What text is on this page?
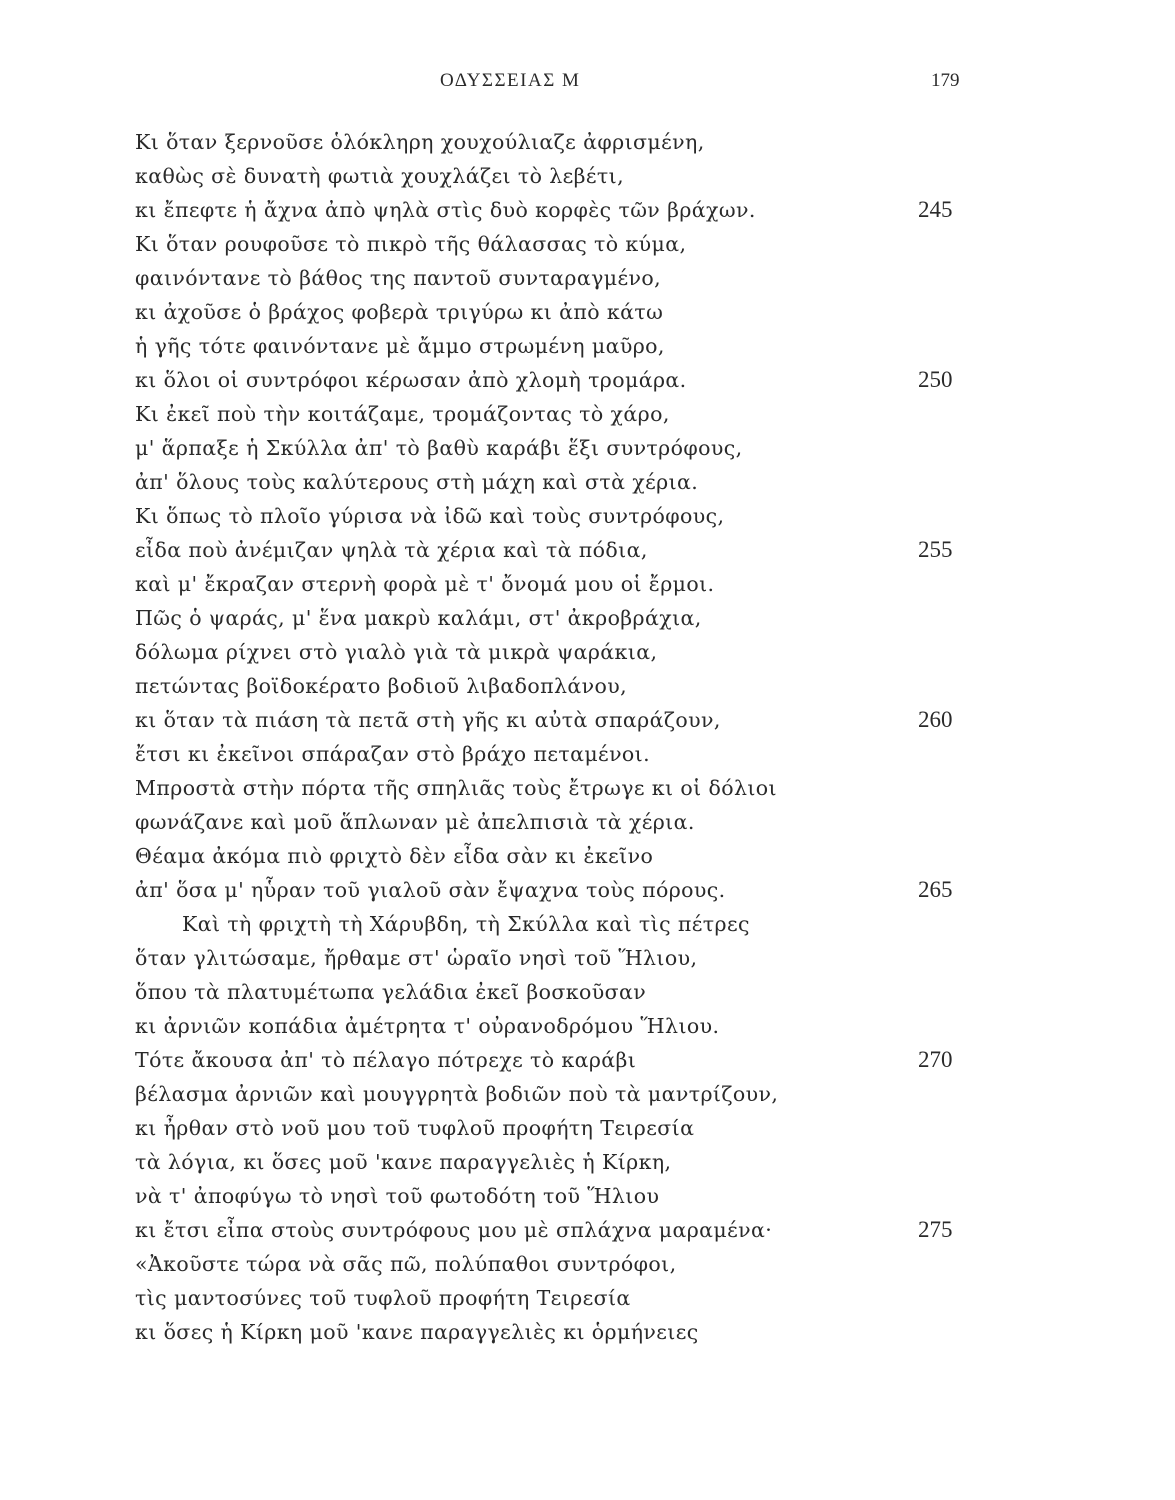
ΟΔΥΣΣΕΙΑΣ Μ	179
Κι ὅταν ξερνοῦσε ὁλόκληρη χουχούλιαζε ἀφρισμένη,
καθὼς σὲ δυνατὴ φωτιὰ χουχλάζει τὸ λεβέτι,
κι ἔπεφτε ἡ ἄχνα ἀπὸ ψηλὰ στὶς δυὸ κορφὲς τῶν βράχων.	245
Κι ὅταν ρουφοῦσε τὸ πικρὸ τῆς θάλασσας τὸ κύμα,
φαινόντανε τὸ βάθος της παντοῦ συνταραγμένο,
κι ἀχοῦσε ὁ βράχος φοβερὰ τριγύρω κι ἀπὸ κάτω
ἡ γῆς τότε φαινόντανε μὲ ἄμμο στρωμένη μαῦρο,
κι ὅλοι οἱ συντρόφοι κέρωσαν ἀπὸ χλομὴ τρομάρα.	250
Κι ἐκεῖ ποὺ τὴν κοιτάζαμε, τρομάζοντας τὸ χάρο,
μ' ἅρπαξε ἡ Σκύλλα ἀπ' τὸ βαθὺ καράβι ἕξι συντρόφους,
ἀπ' ὅλους τοὺς καλύτερους στὴ μάχη καὶ στὰ χέρια.
Κι ὅπως τὸ πλοῖο γύρισα νὰ ἰδῶ καὶ τοὺς συντρόφους,
εἶδα ποὺ ἀνέμιζαν ψηλὰ τὰ χέρια καὶ τὰ πόδια,	255
καὶ μ' ἔκραζαν στερνὴ φορὰ μὲ τ' ὄνομά μου οἱ ἔρμοι.
Πῶς ὁ ψαράς, μ' ἕνα μακρὺ καλάμι, στ' ἀκροβράχια,
δόλωμα ρίχνει στὸ γιαλὸ γιὰ τὰ μικρὰ ψαράκια,
πετώντας βοϊδοκέρατο βοδιοῦ λιβαδοπλάνου,
κι ὅταν τὰ πιάση τὰ πετᾶ στὴ γῆς κι αὐτὰ σπαράζουν,	260
ἔτσι κι ἐκεῖνοι σπάραζαν στὸ βράχο πεταμένοι.
Μπροστὰ στὴν πόρτα τῆς σπηλιᾶς τοὺς ἔτρωγε κι οἱ δόλιοι
φωνάζανε καὶ μοῦ ἅπλωναν μὲ ἀπελπισιὰ τὰ χέρια.
Θέαμα ἀκόμα πιὸ φριχτὸ δὲν εἶδα σὰν κι ἐκεῖνο
ἀπ' ὅσα μ' ηὗραν τοῦ γιαλοῦ σὰν ἔψαχνα τοὺς πόρους.	265
Καὶ τὴ φριχτὴ τὴ Χάρυβδη, τὴ Σκύλλα καὶ τὶς πέτρες
ὅταν γλιτώσαμε, ἤρθαμε στ' ὡραῖο νησὶ τοῦ Ἥλιου,
ὅπου τὰ πλατυμέτωπα γελάδια ἐκεῖ βοσκοῦσαν
κι ἀρνιῶν κοπάδια ἀμέτρητα τ' οὐρανοδρόμου Ἥλιου.
Τότε ἄκουσα ἀπ' τὸ πέλαγο πότρεχε τὸ καράβι	270
βέλασμα ἀρνιῶν καὶ μουγγρητὰ βοδιῶν ποὺ τὰ μαντρίζουν,
κι ἦρθαν στὸ νοῦ μου τοῦ τυφλοῦ προφήτη Τειρεσία
τὰ λόγια, κι ὅσες μοῦ 'κανε παραγγελιὲς ἡ Κίρκη,
νὰ τ' ἀποφύγω τὸ νησὶ τοῦ φωτοδότη τοῦ Ἥλιου
κι ἔτσι εἶπα στοὺς συντρόφους μου μὲ σπλάχνα μαραμένα·	275
«Ἀκοῦστε τώρα νὰ σᾶς πῶ, πολύπαθοι συντρόφοι,
τὶς μαντοσύνες τοῦ τυφλοῦ προφήτη Τειρεσία
κι ὅσες ἡ Κίρκη μοῦ 'κανε παραγγελιὲς κι ὁρμήνειες
